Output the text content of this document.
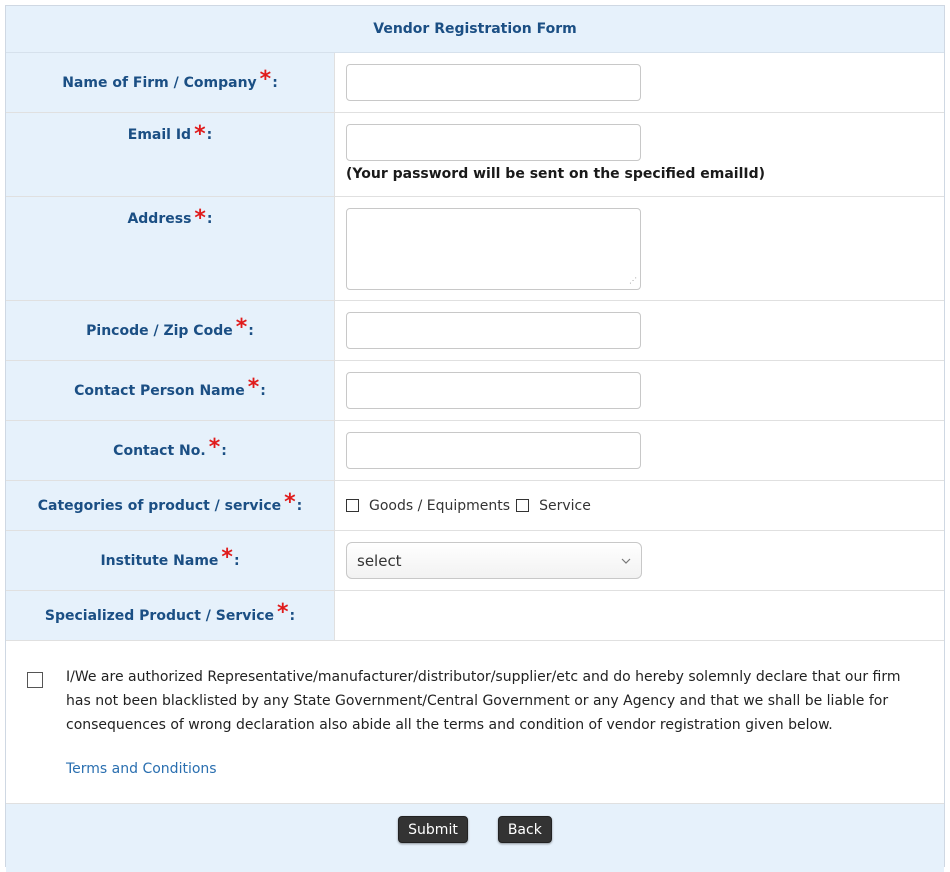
Vendor Registration Form
Name of Firm / Company * :
Email Id * :
(Your password will be sent on the specified emailId)
Address * :
⋰
Pincode / Zip Code * :
Contact Person Name * :
Contact No. * :
Categories of product / service * :	Goods / Equipments Service
Institute Name * :	select
Specialized Product / Service * :
I/We are authorized Representative/manufacturer/distributor/supplier/etc and do hereby solemnly declare that our firm has not been blacklisted by any State Government/Central Government or any Agency and that we shall be liable for consequences of wrong declaration also abide all the terms and condition of vendor registration given below.
Terms and Conditions
Submit	Back
